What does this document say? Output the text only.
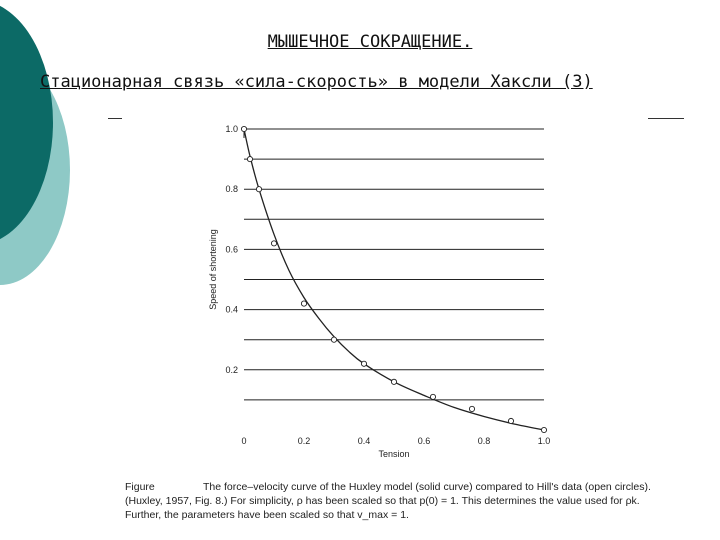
МЫШЕЧНОЕ СОКРАЩЕНИЕ.
Стационарная связь «сила-скорость» в модели Хаксли (3)
0	0.2	0.4	0.6	0.8	1.0
0.2
0.4
0.6
0.8
1.0
Tension
Speed of shortening
Figure	The force–velocity curve of the Huxley model (solid curve) compared to Hill's data (open circles). (Huxley, 1957, Fig. 8.) For simplicity, ρ has been scaled so that p(0) = 1. This determines the value used for ρk. Further, the parameters have been scaled so that v_max = 1.
